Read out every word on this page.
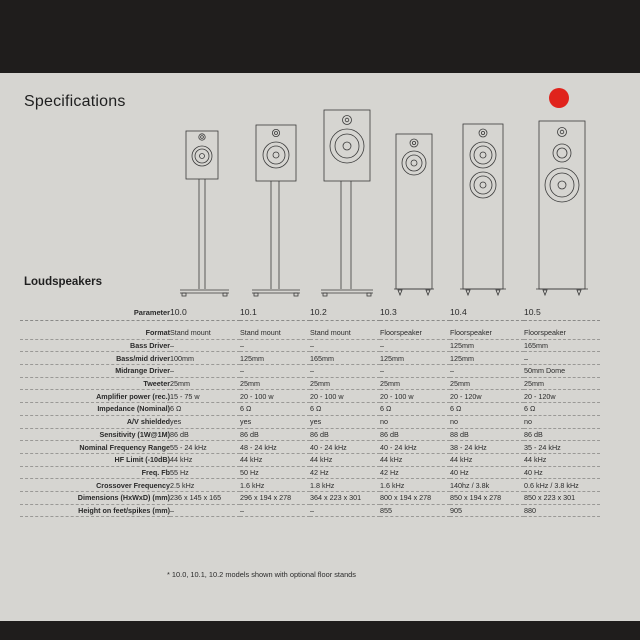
Specifications
Loudspeakers
Parameter	10.0	10.1	10.2	10.3	10.4	10.5

Format	Stand mount	Stand mount	Stand mount	Floorspeaker	Floorspeaker	Floorspeaker
Bass Driver	–	–	–	–	125mm	165mm
Bass/mid driver	100mm	125mm	165mm	125mm	125mm	–
Midrange Driver	–	–	–	–	–	50mm Dome
Tweeter	25mm	25mm	25mm	25mm	25mm	25mm
Amplifier power (rec.)	15 - 75 w	20 - 100 w	20 - 100 w	20 - 100 w	20 - 120w	20 - 120w
Impedance (Nominal)	6 Ω	6 Ω	6 Ω	6 Ω	6 Ω	6 Ω
A/V shielded	yes	yes	yes	no	no	no
Sensitivity (1W@1M)	86 dB	86 dB	86 dB	86 dB	88 dB	86 dB
Nominal Frequency Range	55 - 24 kHz	48 - 24 kHz	40 - 24 kHz	40 - 24 kHz	38 - 24 kHz	35 - 24 kHz
HF Limit (-10dB)	44 kHz	44 kHz	44 kHz	44 kHz	44 kHz	44 kHz
Freq. Fb	55 Hz	50 Hz	42 Hz	42 Hz	40 Hz	40 Hz
Crossover Frequency	2.5 kHz	1.6 kHz	1.8 kHz	1.6 kHz	140hz / 3.8k	0.6 kHz / 3.8 kHz
Dimensions (HxWxD) (mm)	236 x 145 x 165	296 x 194 x 278	364 x 223 x 301	800 x 194 x 278	850 x 194 x 278	850 x 223 x 301
Height on feet/spikes (mm)	–	–	–	855	905	880
* 10.0, 10.1, 10.2 models shown with optional floor stands
